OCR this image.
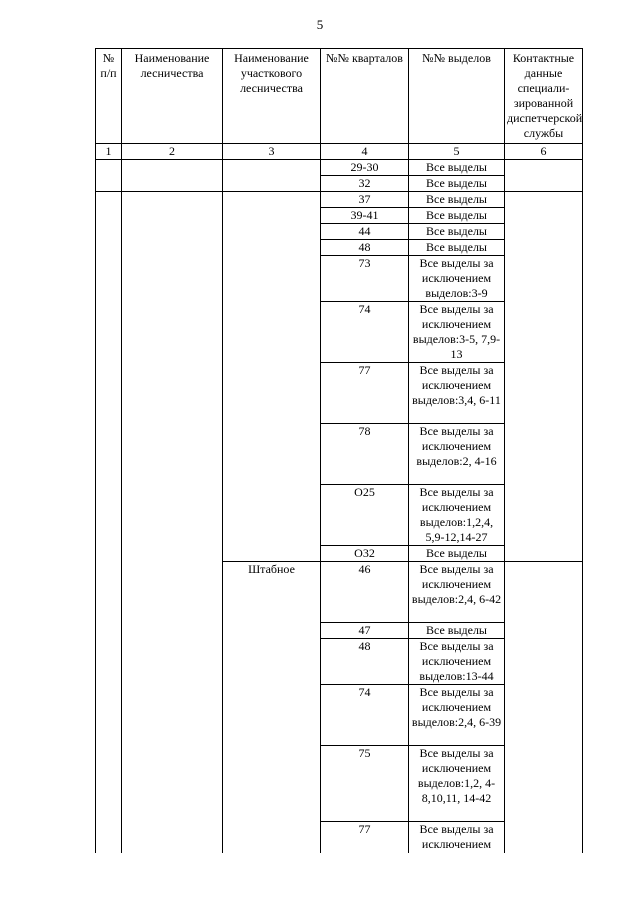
5
№ п/п	Наименование лесничества	Наименование участкового лесничества	№№ кварталов	№№ выделов	Контактные данные специали-зированной диспетчерской службы
1	2	3	4	5	6
			29-30	Все выделы	
			32	Все выделы	
			37	Все выделы	
			39-41	Все выделы	
			44	Все выделы	
			48	Все выделы	
			73	Все выделы за исключением выделов:3-9	
			74	Все выделы за исключением выделов:3-5, 7,9-13	
			77	Все выделы за исключением выделов:3,4, 6-11	
			78	Все выделы за исключением выделов:2, 4-16	
			О25	Все выделы за исключением выделов:1,2,4, 5,9-12,14-27	
			О32	Все выделы	
		Штабное	46	Все выделы за исключением выделов:2,4, 6-42	
			47	Все выделы	
			48	Все выделы за исключением выделов:13-44	
			74	Все выделы за исключением выделов:2,4, 6-39	
			75	Все выделы за исключением выделов:1,2, 4-8,10,11, 14-42	
			77	Все выделы за исключением	
